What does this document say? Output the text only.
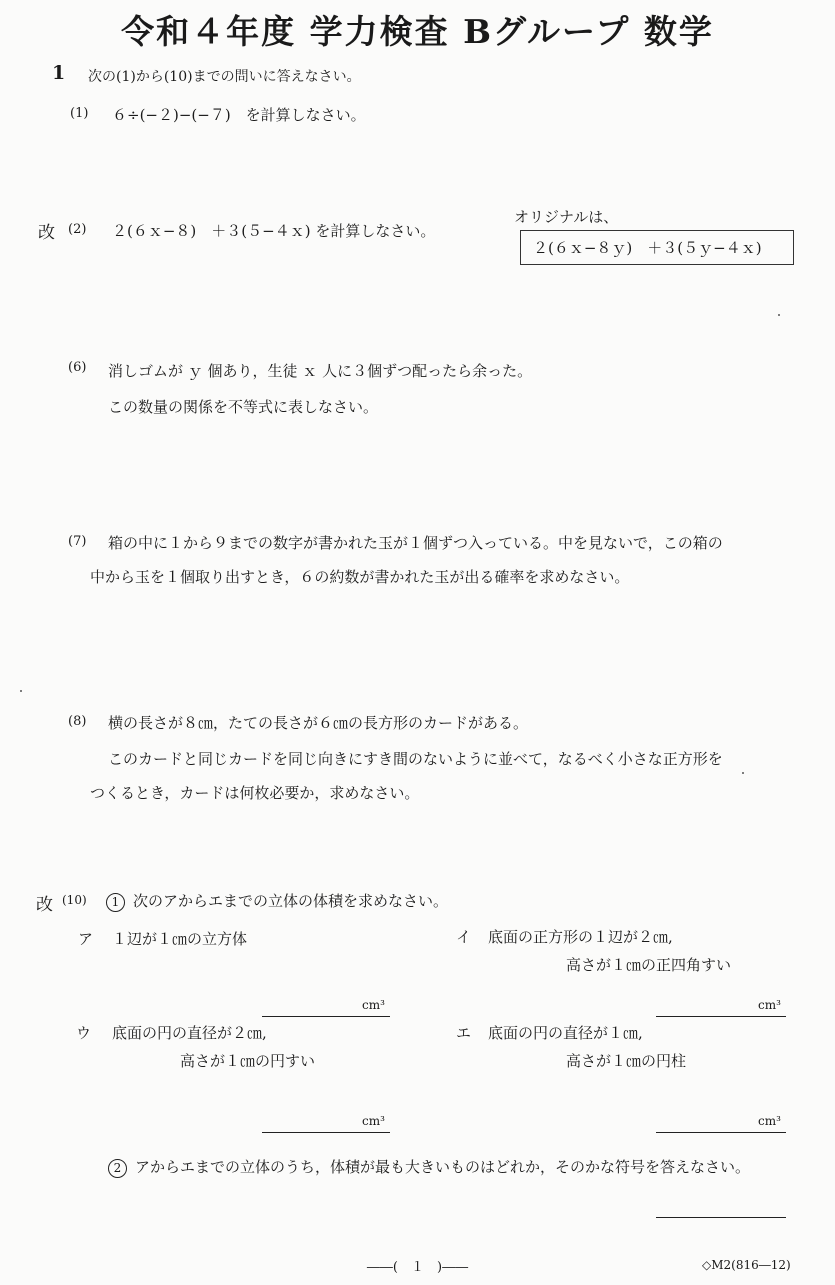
令和４年度 学力検査 Bグループ 数学
1 次の(1)から(10)までの問いに答えなさい。
(1) ６÷(−２)−(−７)　を計算しなさい。
改 (2) ２(６ｘ−８)　＋３(５−４ｘ) を計算しなさい。
オリジナルは、
２(６ｘ−８ｙ)　＋３(５ｙ−４ｘ)
(6) 消しゴムが ｙ 個あり，生徒 ｘ 人に３個ずつ配ったら余った。
この数量の関係を不等式に表しなさい。
(7) 箱の中に１から９までの数字が書かれた玉が１個ずつ入っている。中を見ないで，この箱の
中から玉を１個取り出すとき，６の約数が書かれた玉が出る確率を求めなさい。
(8) 横の長さが８㎝，たての長さが６㎝の長方形のカードがある。
このカードと同じカードを同じ向きにすき間のないように並べて，なるべく小さな正方形を
つくるとき，カードは何枚必要か，求めなさい。
改 (10)	1 次のアからエまでの立体の体積を求めなさい。
ア １辺が１㎝の立方体
cm³
イ 底面の正方形の１辺が２㎝,
高さが１㎝の正四角すい
cm³
ウ 底面の円の直径が２㎝,
高さが１㎝の円すい
cm³
エ 底面の円の直径が１㎝,
高さが１㎝の円柱
cm³
2 アからエまでの立体のうち，体積が最も大きいものはどれか，そのかな符号を答えなさい。
――(　１　)――	◇M2(816―12)
